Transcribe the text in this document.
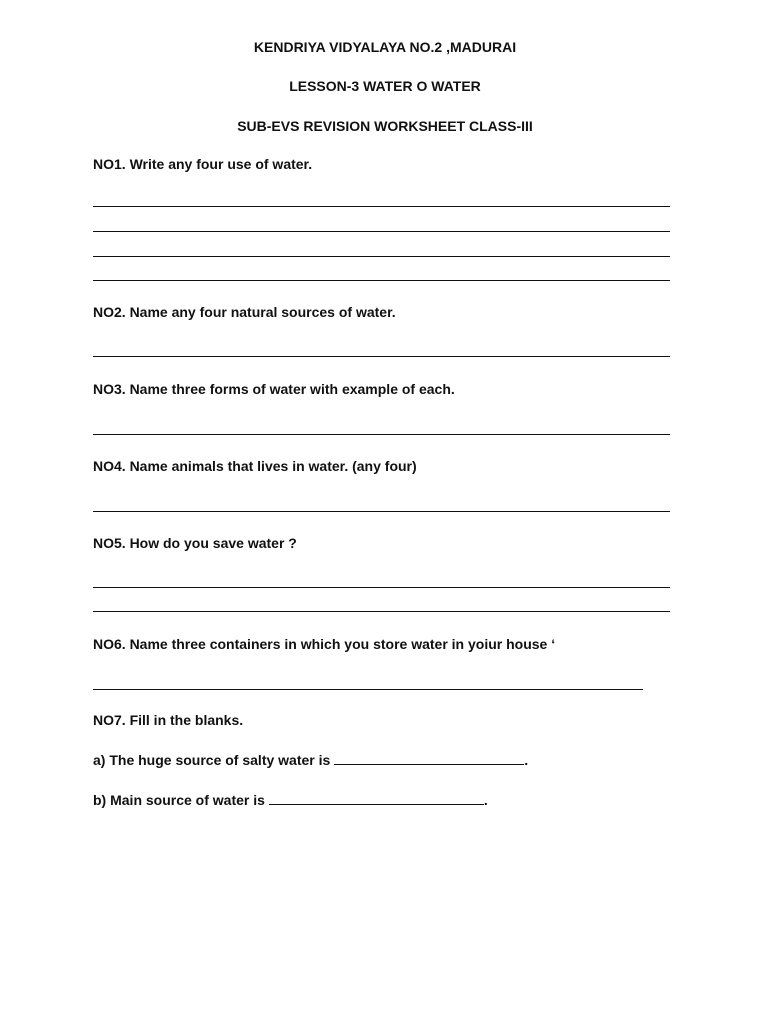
KENDRIYA VIDYALAYA NO.2 ,MADURAI

LESSON-3 WATER O WATER

SUB-EVS REVISION WORKSHEET CLASS-III

NO1. Write any four use of water.

NO2. Name any four natural sources of water.

NO3. Name three forms of water with example of each.

NO4. Name animals that lives in water. (any four)

NO5. How do you save water ?

NO6. Name three containers in which you store water in yoiur house ‘

NO7. Fill in the blanks.

a) The huge source of salty water is	.

b) Main source of water is	.
